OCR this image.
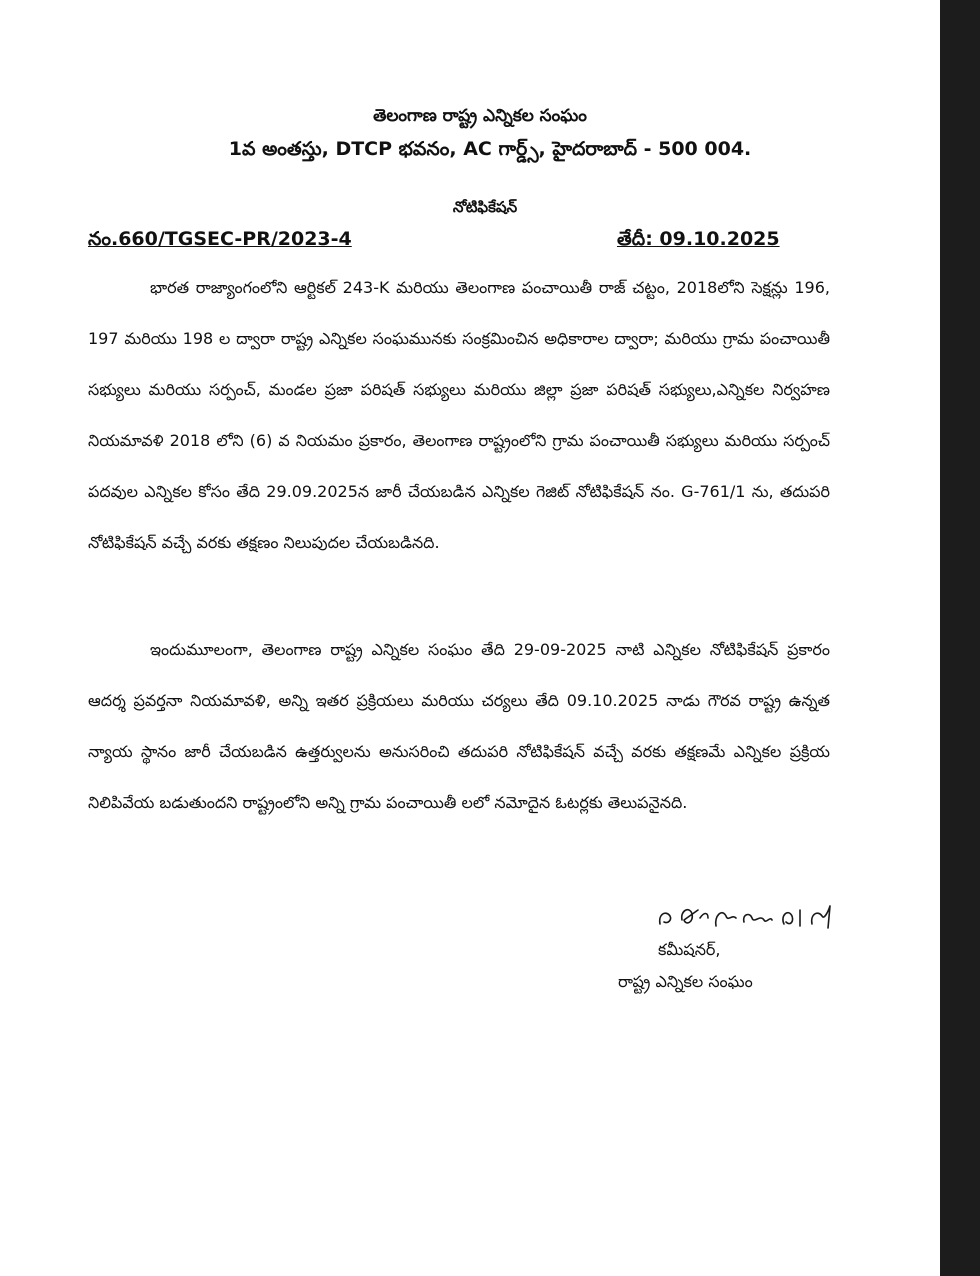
తెలంగాణ రాష్ట్ర ఎన్నికల సంఘం
1వ అంతస్తు, DTCP భవనం, AC గార్డ్స్, హైదరాబాద్ - 500 004.
నోటిఫికేషన్
నం.660/TGSEC-PR/2023-4	తేదీ: 09.10.2025
భారత రాజ్యాంగంలోని ఆర్టికల్ 243-K మరియు తెలంగాణ పంచాయితీ రాజ్ చట్టం, 2018లోని సెక్షన్లు 196, 197 మరియు 198 ల ద్వారా రాష్ట్ర ఎన్నికల సంఘమునకు సంక్రమించిన అధికారాల ద్వారా; మరియు గ్రామ పంచాయితీ సభ్యులు మరియు సర్పంచ్, మండల ప్రజా పరిషత్ సభ్యులు మరియు జిల్లా ప్రజా పరిషత్ సభ్యులు,ఎన్నికల నిర్వహణ నియమావళి 2018 లోని (6) వ నియమం ప్రకారం, తెలంగాణ రాష్ట్రంలోని గ్రామ పంచాయితీ సభ్యులు మరియు సర్పంచ్ పదవుల ఎన్నికల కోసం తేది 29.09.2025న జారీ చేయబడిన ఎన్నికల గెజిట్ నోటిఫికేషన్ నం. G-761/1 ను, తదుపరి నోటిఫికేషన్ వచ్చే వరకు తక్షణం నిలుపుదల చేయబడినది.
ఇందుమూలంగా, తెలంగాణ రాష్ట్ర ఎన్నికల సంఘం తేది 29-09-2025 నాటి ఎన్నికల నోటిఫికేషన్ ప్రకారం ఆదర్శ ప్రవర్తనా నియమావళి, అన్ని ఇతర ప్రక్రియలు మరియు చర్యలు తేది 09.10.2025 నాడు గౌరవ రాష్ట్ర ఉన్నత న్యాయ స్థానం జారీ చేయబడిన ఉత్తర్వులను అనుసరించి తదుపరి నోటిఫికేషన్ వచ్చే వరకు తక్షణమే ఎన్నికల ప్రక్రియ నిలిపివేయ బడుతుందని రాష్ట్రంలోని అన్ని గ్రామ పంచాయితీ లలో నమోదైన ఓటర్లకు తెలుపనైనది.
కమీషనర్,
రాష్ట్ర ఎన్నికల సంఘం
